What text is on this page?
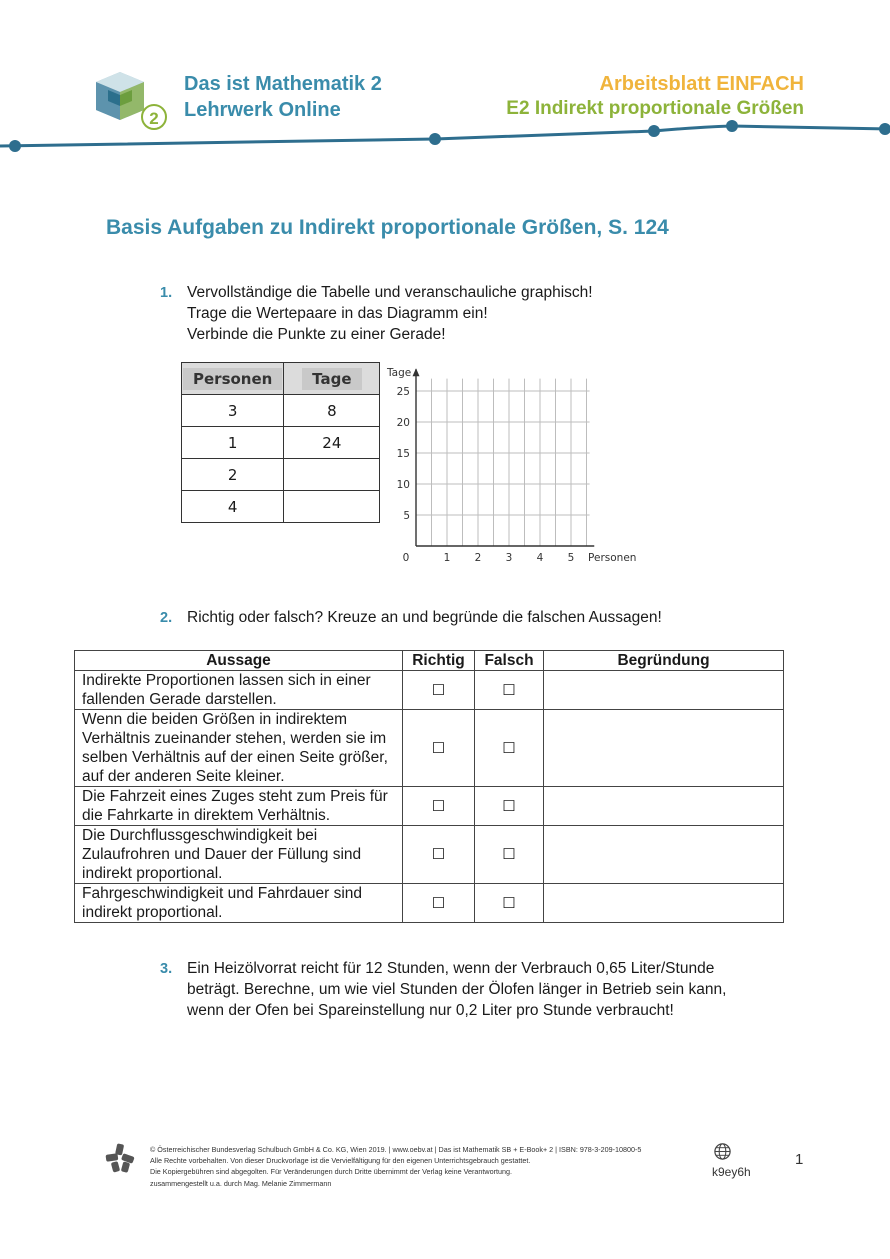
2
Das ist Mathematik 2
Lehrwerk Online
Arbeitsblatt EINFACH
E2 Indirekt proportionale Größen
Basis Aufgaben zu Indirekt proportionale Größen, S. 124
1. Vervollständige die Tabelle und veranschauliche graphisch!
Trage die Wertepaare in das Diagramm ein!
Verbinde die Punkte zu einer Gerade!
Personen	Tage
3	8
1	24
2	
4	
0	1 2 3 4 5
5
10
15
20
25
Personen
Tage
2. Richtig oder falsch? Kreuze an und begründe die falschen Aussagen!
Aussage	Richtig	Falsch	Begründung

Indirekte Proportionen lassen sich in einer
fallenden Gerade darstellen.	☐	☐	

Wenn die beiden Größen in indirektem
Verhältnis zueinander stehen, werden sie im
selben Verhältnis auf der einen Seite größer,
auf der anderen Seite kleiner.	☐	☐	

Die Fahrzeit eines Zuges steht zum Preis für
die Fahrkarte in direktem Verhältnis.	☐	☐	

Die Durchflussgeschwindigkeit bei
Zulaufrohren und Dauer der Füllung sind
indirekt proportional.	☐	☐	

Fahrgeschwindigkeit und Fahrdauer sind
indirekt proportional.	☐	☐	
3. Ein Heizölvorrat reicht für 12 Stunden, wenn der Verbrauch 0,65 Liter/Stunde
beträgt. Berechne, um wie viel Stunden der Ölofen länger in Betrieb sein kann,
wenn der Ofen bei Spareinstellung nur 0,2 Liter pro Stunde verbraucht!
© Österreichischer Bundesverlag Schulbuch GmbH & Co. KG, Wien 2019. | www.oebv.at | Das ist Mathematik SB + E-Book+ 2 | ISBN: 978-3-209-10800-5
Alle Rechte vorbehalten. Von dieser Druckvorlage ist die Vervielfältigung für den eigenen Unterrichtsgebrauch gestattet.
Die Kopiergebühren sind abgegolten. Für Veränderungen durch Dritte übernimmt der Verlag keine Verantwortung.
zusammengestellt u.a. durch Mag. Melanie Zimmermann
k9ey6h
1
